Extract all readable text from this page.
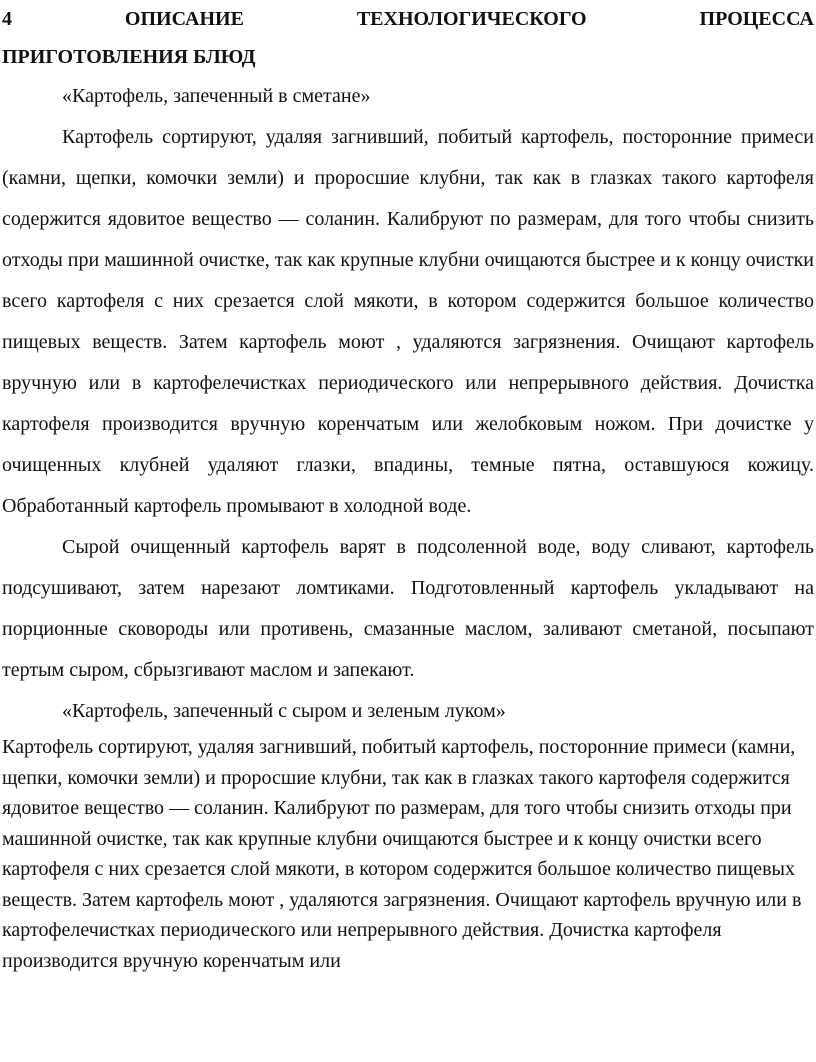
4	ОПИСАНИЕ	ТЕХНОЛОГИЧЕСКОГО	ПРОЦЕССА
ПРИГОТОВЛЕНИЯ БЛЮД

«Картофель, запеченный в сметане»

Картофель сортируют, удаляя загнивший, побитый картофель, посторонние примеси (камни, щепки, комочки земли) и проросшие клубни, так как в глазках такого картофеля содержится ядовитое вещество — соланин. Калибруют по размерам, для того чтобы снизить отходы при машинной очистке, так как крупные клубни очищаются быстрее и к концу очистки всего картофеля с них срезается слой мякоти, в котором содержится большое количество пищевых веществ. Затем картофель моют , удаляются загрязнения. Очищают картофель вручную или в картофелечистках периодического или непрерывного действия. Дочистка картофеля производится вручную коренчатым или желобковым ножом. При дочистке у очищенных клубней удаляют глазки, впадины, темные пятна, оставшуюся кожицу. Обработанный картофель промывают в холодной воде.

Сырой очищенный картофель варят в подсоленной воде, воду сливают, картофель подсушивают, затем нарезают ломтиками. Подготовленный картофель укладывают на порционные сковороды или противень, смазанные маслом, заливают сметаной, посыпают тертым сыром, сбрызгивают маслом и запекают.

«Картофель, запеченный с сыром и зеленым луком»

Картофель сортируют, удаляя загнивший, побитый картофель, посторонние примеси (камни, щепки, комочки земли) и проросшие клубни, так как в глазках такого картофеля содержится ядовитое вещество — соланин. Калибруют по размерам, для того чтобы снизить отходы при машинной очистке, так как крупные клубни очищаются быстрее и к концу очистки всего картофеля с них срезается слой мякоти, в котором содержится большое количество пищевых веществ. Затем картофель моют , удаляются загрязнения. Очищают картофель вручную или в картофелечистках периодического или непрерывного действия. Дочистка картофеля производится вручную коренчатым или
